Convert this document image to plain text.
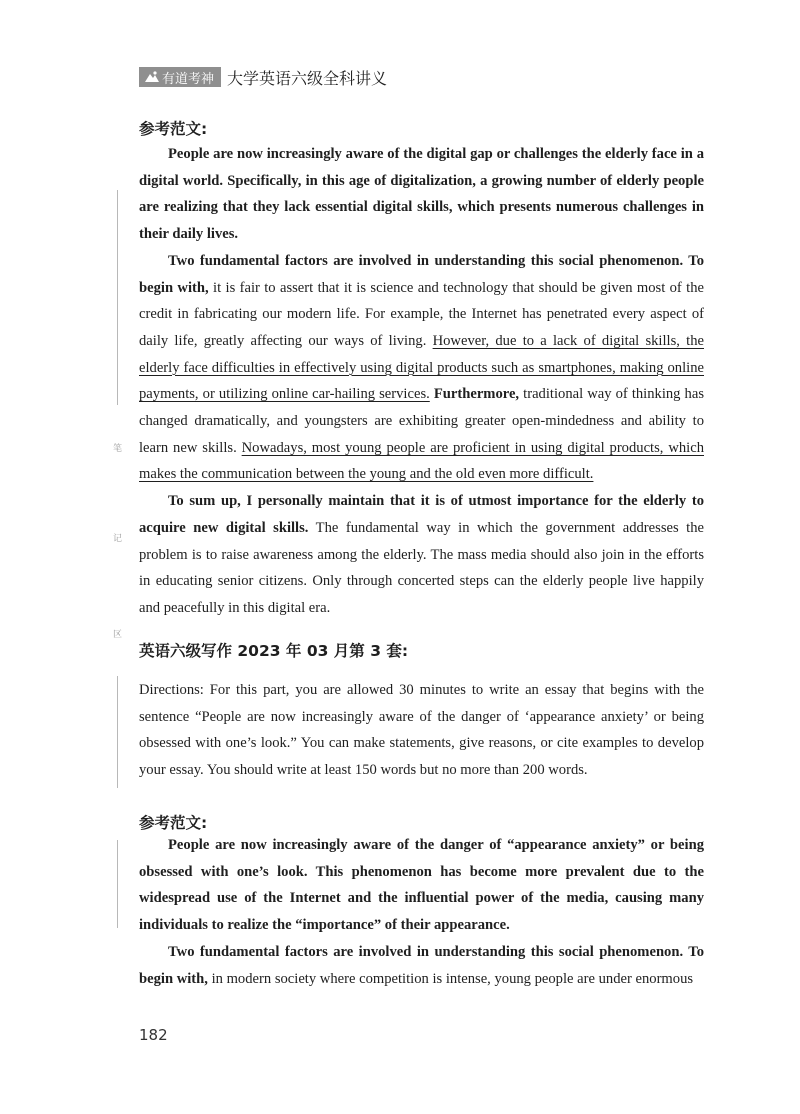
有道考神 大学英语六级全科讲义
笔
记
区
参考范文:

People are now increasingly aware of the digital gap or challenges the elderly face in a digital world. Specifically, in this age of digitalization, a growing number of elderly people are realizing that they lack essential digital skills, which presents numerous challenges in their daily lives.

Two fundamental factors are involved in understanding this social phenomenon. To begin with, it is fair to assert that it is science and technology that should be given most of the credit in fabricating our modern life. For example, the Internet has penetrated every aspect of daily life, greatly affecting our ways of living. However, due to a lack of digital skills, the elderly face difficulties in effectively using digital products such as smartphones, making online payments, or utilizing online car-hailing services. Furthermore, traditional way of thinking has changed dramatically, and youngsters are exhibiting greater open-mindedness and ability to learn new skills. Nowadays, most young people are proficient in using digital products, which makes the communication between the young and the old even more difficult.

To sum up, I personally maintain that it is of utmost importance for the elderly to acquire new digital skills. The fundamental way in which the government addresses the problem is to raise awareness among the elderly. The mass media should also join in the efforts in educating senior citizens. Only through concerted steps can the elderly people live happily and peacefully in this digital era.

英语六级写作 2023 年 03 月第 3 套:

Directions: For this part, you are allowed 30 minutes to write an essay that begins with the sentence “People are now increasingly aware of the danger of ‘appearance anxiety’ or being obsessed with one’s look.” You can make statements, give reasons, or cite examples to develop your essay. You should write at least 150 words but no more than 200 words.

参考范文:

People are now increasingly aware of the danger of “appearance anxiety” or being obsessed with one’s look. This phenomenon has become more prevalent due to the widespread use of the Internet and the influential power of the media, causing many individuals to realize the “importance” of their appearance.

Two fundamental factors are involved in understanding this social phenomenon. To begin with, in modern society where competition is intense, young people are under enormous

182
